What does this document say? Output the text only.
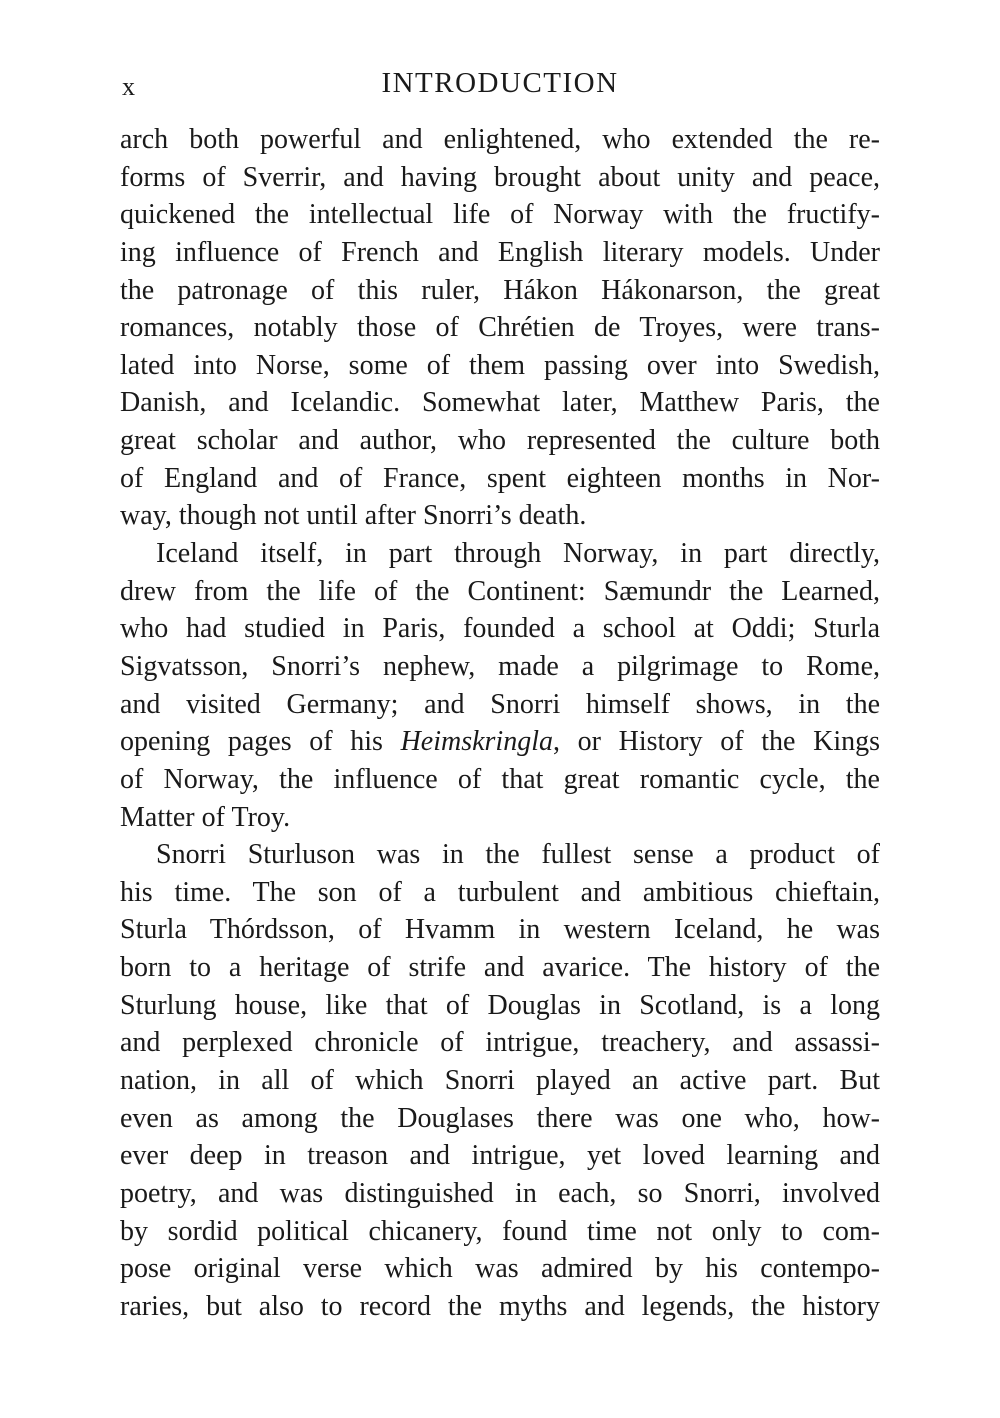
x	INTRODUCTION
arch both powerful and enlightened, who extended the re-
forms of Sverrir, and having brought about unity and peace,
quickened the intellectual life of Norway with the fructify-
ing influence of French and English literary models. Under
the patronage of this ruler, Hákon Hákonarson, the great
romances, notably those of Chrétien de Troyes, were trans-
lated into Norse, some of them passing over into Swedish,
Danish, and Icelandic. Somewhat later, Matthew Paris, the
great scholar and author, who represented the culture both
of England and of France, spent eighteen months in Nor-
way, though not until after Snorri’s death.
Iceland itself, in part through Norway, in part directly,
drew from the life of the Continent: Sæmundr the Learned,
who had studied in Paris, founded a school at Oddi; Sturla
Sigvatsson, Snorri’s nephew, made a pilgrimage to Rome,
and visited Germany; and Snorri himself shows, in the
opening pages of his Heimskringla, or History of the Kings
of Norway, the influence of that great romantic cycle, the
Matter of Troy.
Snorri Sturluson was in the fullest sense a product of
his time. The son of a turbulent and ambitious chieftain,
Sturla Thórdsson, of Hvamm in western Iceland, he was
born to a heritage of strife and avarice. The history of the
Sturlung house, like that of Douglas in Scotland, is a long
and perplexed chronicle of intrigue, treachery, and assassi-
nation, in all of which Snorri played an active part. But
even as among the Douglases there was one who, how-
ever deep in treason and intrigue, yet loved learning and
poetry, and was distinguished in each, so Snorri, involved
by sordid political chicanery, found time not only to com-
pose original verse which was admired by his contempo-
raries, but also to record the myths and legends, the history
